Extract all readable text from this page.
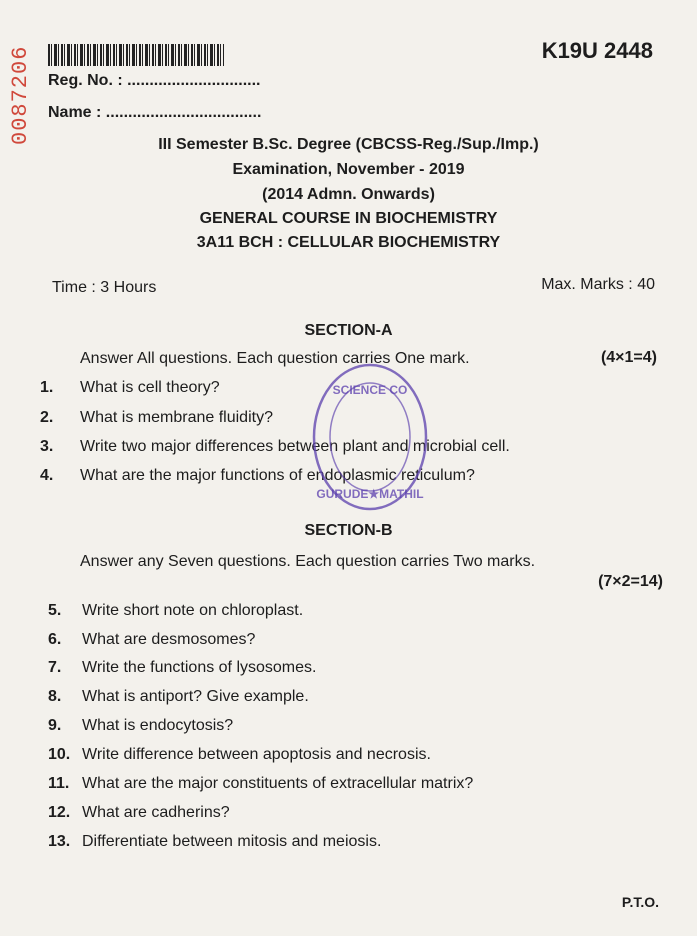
0087206	K19U 2448
Reg. No. : ..............................
Name : ...................................
III Semester B.Sc. Degree (CBCSS-Reg./Sup./Imp.)
Examination, November - 2019
(2014 Admn. Onwards)
GENERAL COURSE IN BIOCHEMISTRY
3A11 BCH : CELLULAR BIOCHEMISTRY
Time : 3 Hours	Max. Marks : 40
SECTION-A
Answer All questions. Each question carries One mark.	(4×1=4)
1. What is cell theory?
2. What is membrane fluidity?
3. Write two major differences between plant and microbial cell.
4. What are the major functions of endoplasmic reticulum?
SECTION-B
Answer any Seven questions. Each question carries Two marks.
(7×2=14)
5. Write short note on chloroplast.
6. What are desmosomes?
7. Write the functions of lysosomes.
8. What is antiport? Give example.
9. What is endocytosis?
10. Write difference between apoptosis and necrosis.
11. What are the major constituents of extracellular matrix?
12. What are cadherins?
13. Differentiate between mitosis and meiosis.
SCIENCE CO
GURUDE★MATHIL
P.T.O.
